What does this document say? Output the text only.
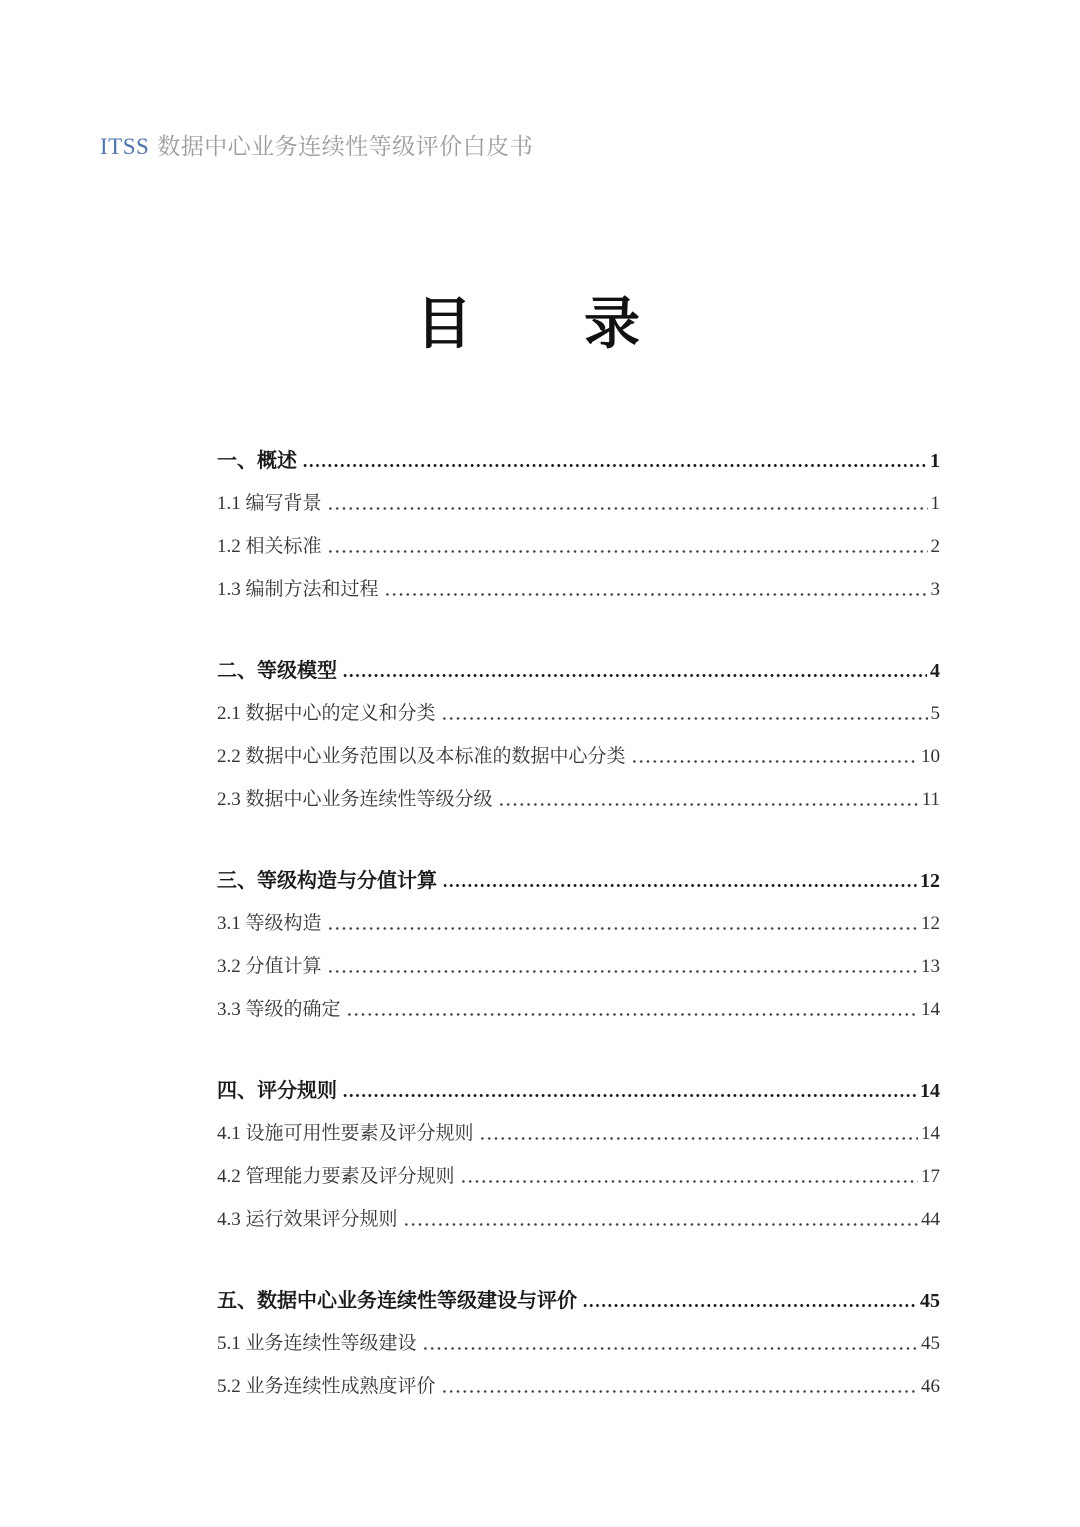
ITSS 数据中心业务连续性等级评价白皮书
目　　录
一、概述	1
1.1 编写背景	1
1.2 相关标准	2
1.3 编制方法和过程	3
二、等级模型	4
2.1 数据中心的定义和分类	5
2.2 数据中心业务范围以及本标准的数据中心分类	10
2.3 数据中心业务连续性等级分级	11
三、等级构造与分值计算	12
3.1 等级构造	12
3.2 分值计算	13
3.3 等级的确定	14
四、评分规则	14
4.1 设施可用性要素及评分规则	14
4.2 管理能力要素及评分规则	17
4.3 运行效果评分规则	44
五、数据中心业务连续性等级建设与评价	45
5.1 业务连续性等级建设	45
5.2 业务连续性成熟度评价	46
